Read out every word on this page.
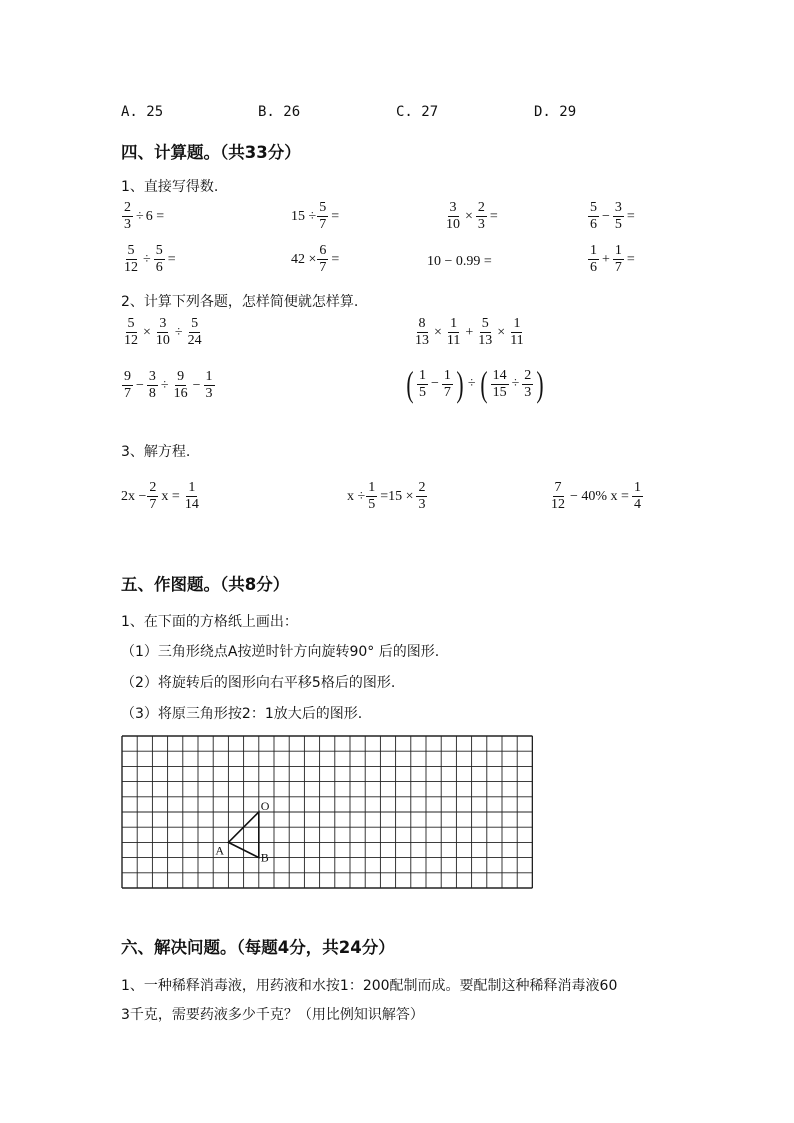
A. 25	B. 26	C. 27	D. 29
四、计算题。（共33分）
1、直接写得数.
$\frac{2}{3} \div 6$ =	$15 \div \frac{5}{7}$ =	$\frac{3}{10} \times \frac{2}{3}$ =	$\frac{5}{6} - \frac{3}{5}$ =
$\frac{5}{12} \div \frac{5}{6}$ =	$42 \times \frac{6}{7}$ =	10 − 0.99 =	$\frac{1}{6} + \frac{1}{7}$ =
2、计算下列各题，怎样简便就怎样算.
$\frac{5}{12} \times \frac{3}{10} \div \frac{5}{24}$	$\frac{8}{13} \times \frac{1}{11} + \frac{5}{13} \times \frac{1}{11}$
$\frac{9}{7} - \frac{3}{8} \div \frac{9}{16} - \frac{1}{3}$	( $\frac{1}{5} - \frac{1}{7}$ ) ÷ ( $\frac{14}{15} \div \frac{2}{3}$ )
3、解方程.
$2x - \frac{2}{7}$ $x = \frac{1}{14}$	$x \div \frac{1}{5} =15 \times \frac{2}{3}$	$\frac{7}{12} - 40\%$ $x = \frac{1}{4}$
五、作图题。（共8分）
1、在下面的方格纸上画出：
（1）三角形绕点A按逆时针方向旋转90° 后的图形.
（2）将旋转后的图形向右平移5格后的图形.
（3）将原三角形按2：1放大后的图形.
O
A
B
六、解决问题。（每题4分，共24分）
1、一种稀释消毒液，用药液和水按1：200配制而成。要配制这种稀释消毒液60
3千克，需要药液多少千克？（用比例知识解答）
